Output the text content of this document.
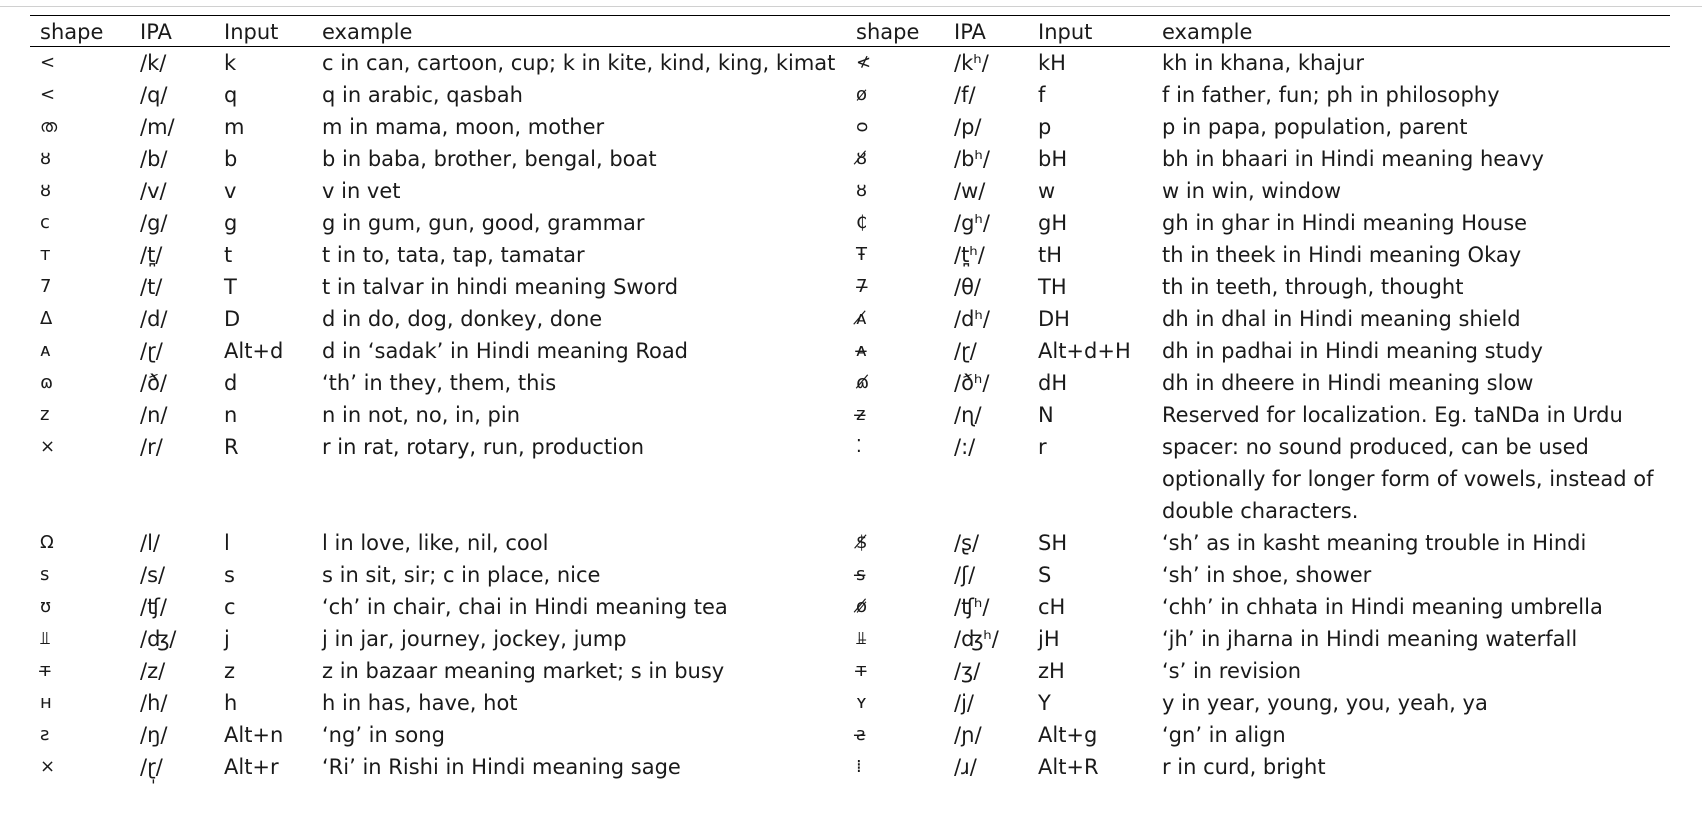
shape	IPA	Input	example	shape	IPA	Input	example
<	/k/	k	c in can, cartoon, cup; k in kite, kind, king, kimat	≮	/kʰ/	kH	kh in khana, khajur
<	/q/	q	q in arabic, qasbah	ø	/f/	f	f in father, fun; ph in philosophy
ത	/m/	m	m in mama, moon, mother	ᴑ	/p/	p	p in papa, population, parent
ȣ	/b/	b	b in baba, brother, bengal, boat	ȣ̸	/bʰ/	bH	bh in bhaari in Hindi meaning heavy
ȣ	/v/	v	v in vet	ȣ	/w/	w	w in win, window
ᴄ	/g/	g	g in gum, gun, good, grammar	₵	/gʰ/	gH	gh in ghar in Hindi meaning House
ᴛ	/t̪/	t	t in to, tata, tap, tamatar	Ŧ	/t̪ʰ/	tH	th in theek in Hindi meaning Okay
7	/t/	T	t in talvar in hindi meaning Sword	7̶	/θ/	TH	th in teeth, through, thought
Δ	/d/	D	d in do, dog, donkey, done	ᴀ̸	/dʰ/	DH	dh in dhal in Hindi meaning shield
ᴀ	/ɽ/	Alt+d	d in ‘sadak’ in Hindi meaning Road	ᴀ̶	/ɽ/	Alt+d+H	dh in padhai in Hindi meaning study
ɷ	/ð/	d	‘th’ in they, them, this	ɷ̸	/ðʰ/	dH	dh in dheere in Hindi meaning slow
ᴢ	/n/	n	n in not, no, in, pin	ᴢ̶	/ɳ/	N	Reserved for localization. Eg. taNDa in Urdu
×	/r/	R	r in rat, rotary, run, production	⁚	/:/	r	spacer: no sound produced, can be used optionally for longer form of vowels, instead of double characters.
Ω	/l/	l	l in love, like, nil, cool	$̸	/ʂ/	SH	‘sh’ as in kasht meaning trouble in Hindi
ꜱ	/s/	s	s in sit, sir; c in place, nice	ꜱ̶	/ʃ/	S	‘sh’ in shoe, shower
ʊ	/ʧ/	c	‘ch’ in chair, chai in Hindi meaning tea	ø̸	/ʧʰ/	cH	‘chh’ in chhata in Hindi meaning umbrella
⫫	/ʤ/	j	j in jar, journey, jockey, jump	⫫̶	/ʤʰ/	jH	‘jh’ in jharna in Hindi meaning waterfall
ᴛ̶	/z/	z	z in bazaar meaning market; s in busy	ᴛ̶	/ʒ/	zH	‘s’ in revision
ʜ	/h/	h	h in has, have, hot	ʏ	/j/	Y	y in year, young, you, yeah, ya
ƨ	/ŋ/	Alt+n	‘ng’ in song	ƨ̶	/ɲ/	Alt+g	‘gn’ in align
×	/ɽ̩/	Alt+r	‘Ri’ in Rishi in Hindi meaning sage	⁞	/ɹ/	Alt+R	r in curd, bright
